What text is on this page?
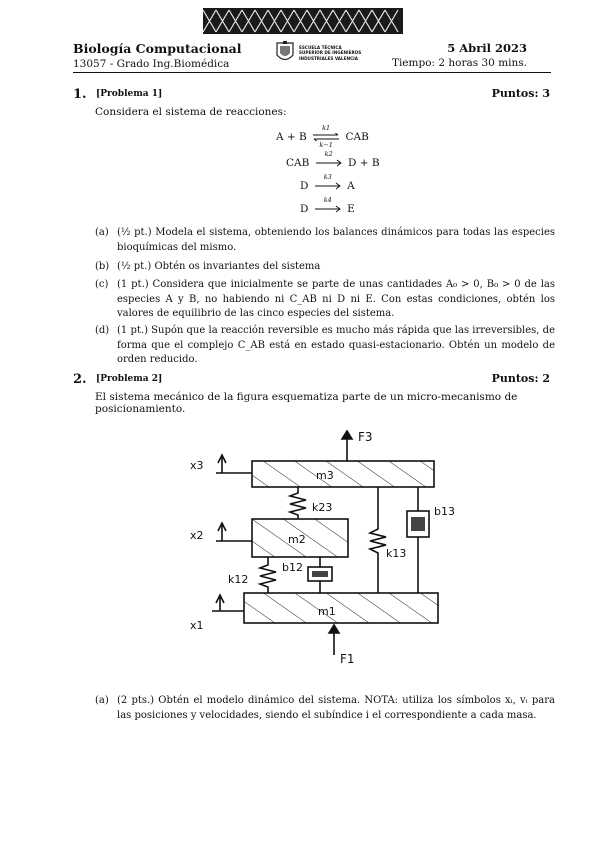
Biología Computacional
13057 - Grado Ing.Biomédica
ESCUELA TÉCNICA
SUPERIOR DE INGENIEROS
INDUSTRIALES VALENCIA
5 Abril 2023
Tiempo: 2 horas 30 mins.
1. [Problema 1]	Puntos: 3
Considera el sistema de reacciones:
A + B
k1
k−1
CAB
CAB
k2
D + B
D
k3
A
D
k4
E
(a) (½ pt.) Modela el sistema, obteniendo los balances dinámicos para todas las especies bioquímicas del mismo.
(b) (½ pt.) Obtén os invariantes del sistema
(c) (1 pt.) Considera que inicialmente se parte de unas cantidades A₀ > 0, B₀ > 0 de las especies A y B, no habiendo ni C_AB ni D ni E. Con estas condiciones, obtén los valores de equilibrio de las cinco especies del sistema.
(d) (1 pt.) Supón que la reacción reversible es mucho más rápida que las irreversibles, de forma que el complejo C_AB está en estado quasi-estacionario. Obtén un modelo de orden reducido.
2. [Problema 2]	Puntos: 2
El sistema mecánico de la figura esquematiza parte de un micro-mecanismo de posicionamiento.
F3
m3
x3
k23
m2
x2
k12
b12
k13
b13
m1
x1
F1
(a) (2 pts.) Obtén el modelo dinámico del sistema. NOTA: utiliza los símbolos xᵢ, vᵢ para las posiciones y velocidades, siendo el subíndice i el correspondiente a cada masa.
